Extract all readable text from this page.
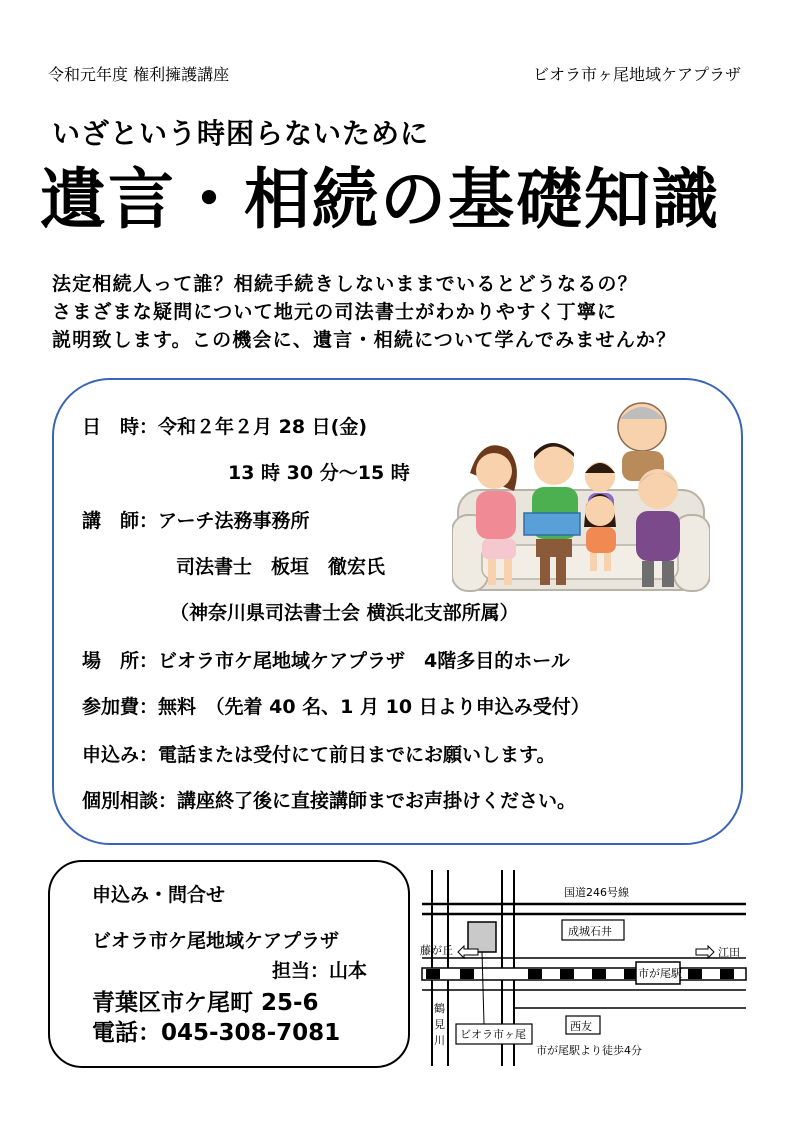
令和元年度 権利擁護講座	ビオラ市ヶ尾地域ケアプラザ
いざという時困らないために
遺言・相続の基礎知識
法定相続人って誰？相続手続きしないままでいるとどうなるの？
さまざまな疑問について地元の司法書士がわかりやすく丁寧に
説明致します。この機会に、遺言・相続について学んでみませんか？
日　時：令和２年２月 28 日(金)
13 時 30 分～15 時
講　師：アーチ法務事務所
司法書士　板垣　徹宏氏
（神奈川県司法書士会 横浜北支部所属）
場　所：ビオラ市ケ尾地域ケアプラザ　4階多目的ホール
参加費：無料　（先着 40 名、1 月 10 日より申込み受付）
申込み：電話または受付にて前日までにお願いします。
個別相談：講座終了後に直接講師までお声掛けください。
申込み・問合せ
ビオラ市ケ尾地域ケアプラザ
担当：山本
青葉区市ケ尾町 25-6
電話：045-308-7081
国道246号線
成城石井
市が尾駅
藤が丘	江田
鶴
見
川
西友
ビオラ市ヶ尾
市が尾駅より徒歩4分
